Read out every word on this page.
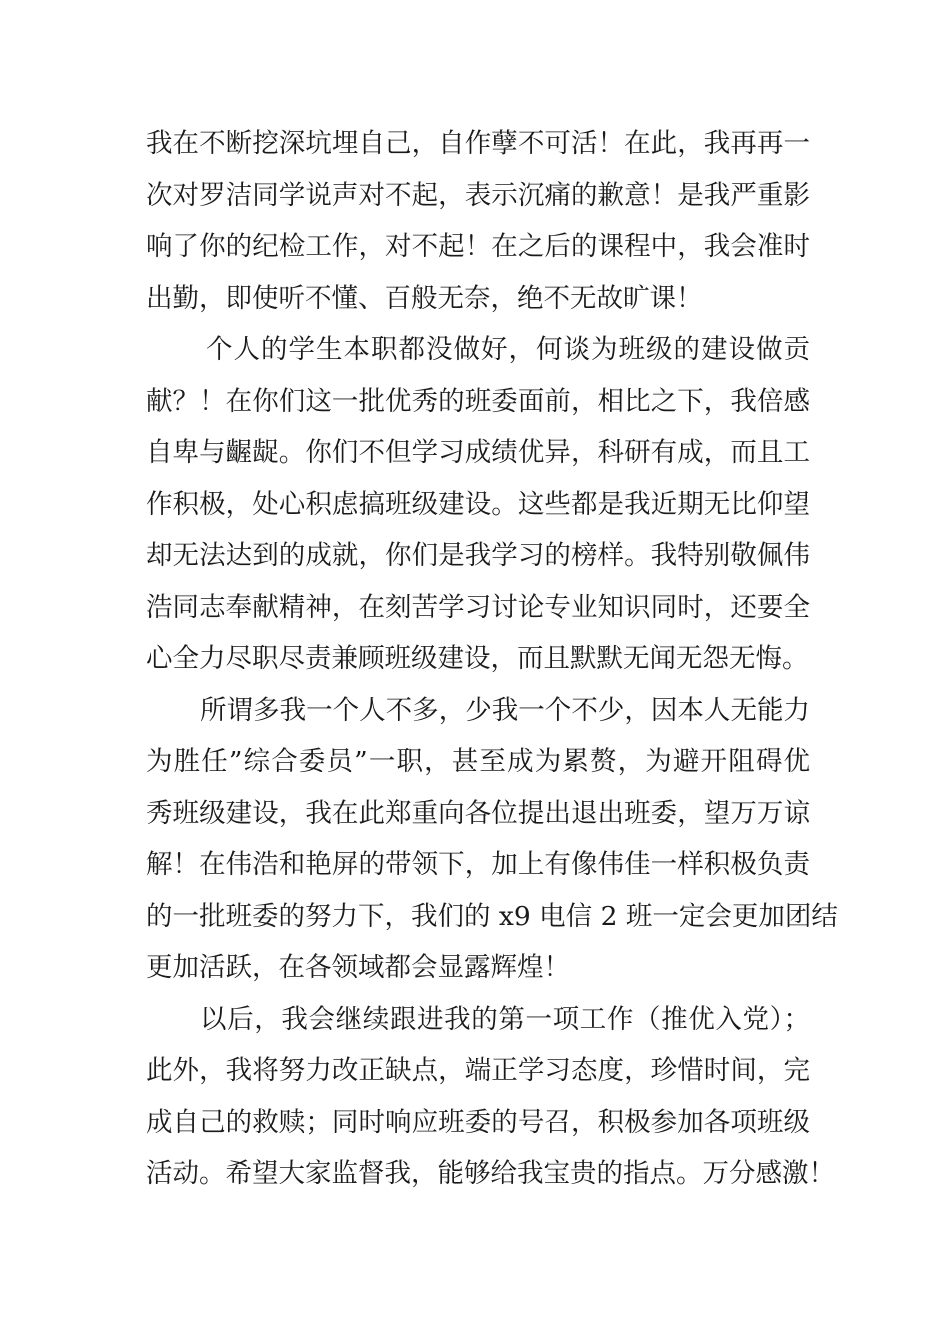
我在不断挖深坑埋自己，自作孽不可活！在此，我再再一
次对罗洁同学说声对不起，表示沉痛的歉意！是我严重影
响了你的纪检工作，对不起！在之后的课程中，我会准时
出勤，即使听不懂、百般无奈，绝不无故旷课！
个人的学生本职都没做好，何谈为班级的建设做贡
献？！在你们这一批优秀的班委面前，相比之下，我倍感
自卑与齷龊。你们不但学习成绩优异，科研有成，而且工
作积极，处心积虑搞班级建设。这些都是我近期无比仰望
却无法达到的成就，你们是我学习的榜样。我特别敬佩伟
浩同志奉献精神，在刻苦学习讨论专业知识同时，还要全
心全力尽职尽责兼顾班级建设，而且默默无闻无怨无悔。
所谓多我一个人不多，少我一个不少，因本人无能力
为胜任”综合委员”一职，甚至成为累赘，为避开阻碍优
秀班级建设，我在此郑重向各位提出退出班委，望万万谅
解！在伟浩和艳屏的带领下，加上有像伟佳一样积极负责
的一批班委的努力下，我们的 x9 电信 2 班一定会更加团结
更加活跃，在各领域都会显露辉煌！
以后，我会继续跟进我的第一项工作（推优入党）；
此外，我将努力改正缺点，端正学习态度，珍惜时间，完
成自己的救赎；同时响应班委的号召，积极参加各项班级
活动。希望大家监督我，能够给我宝贵的指点。万分感激！
